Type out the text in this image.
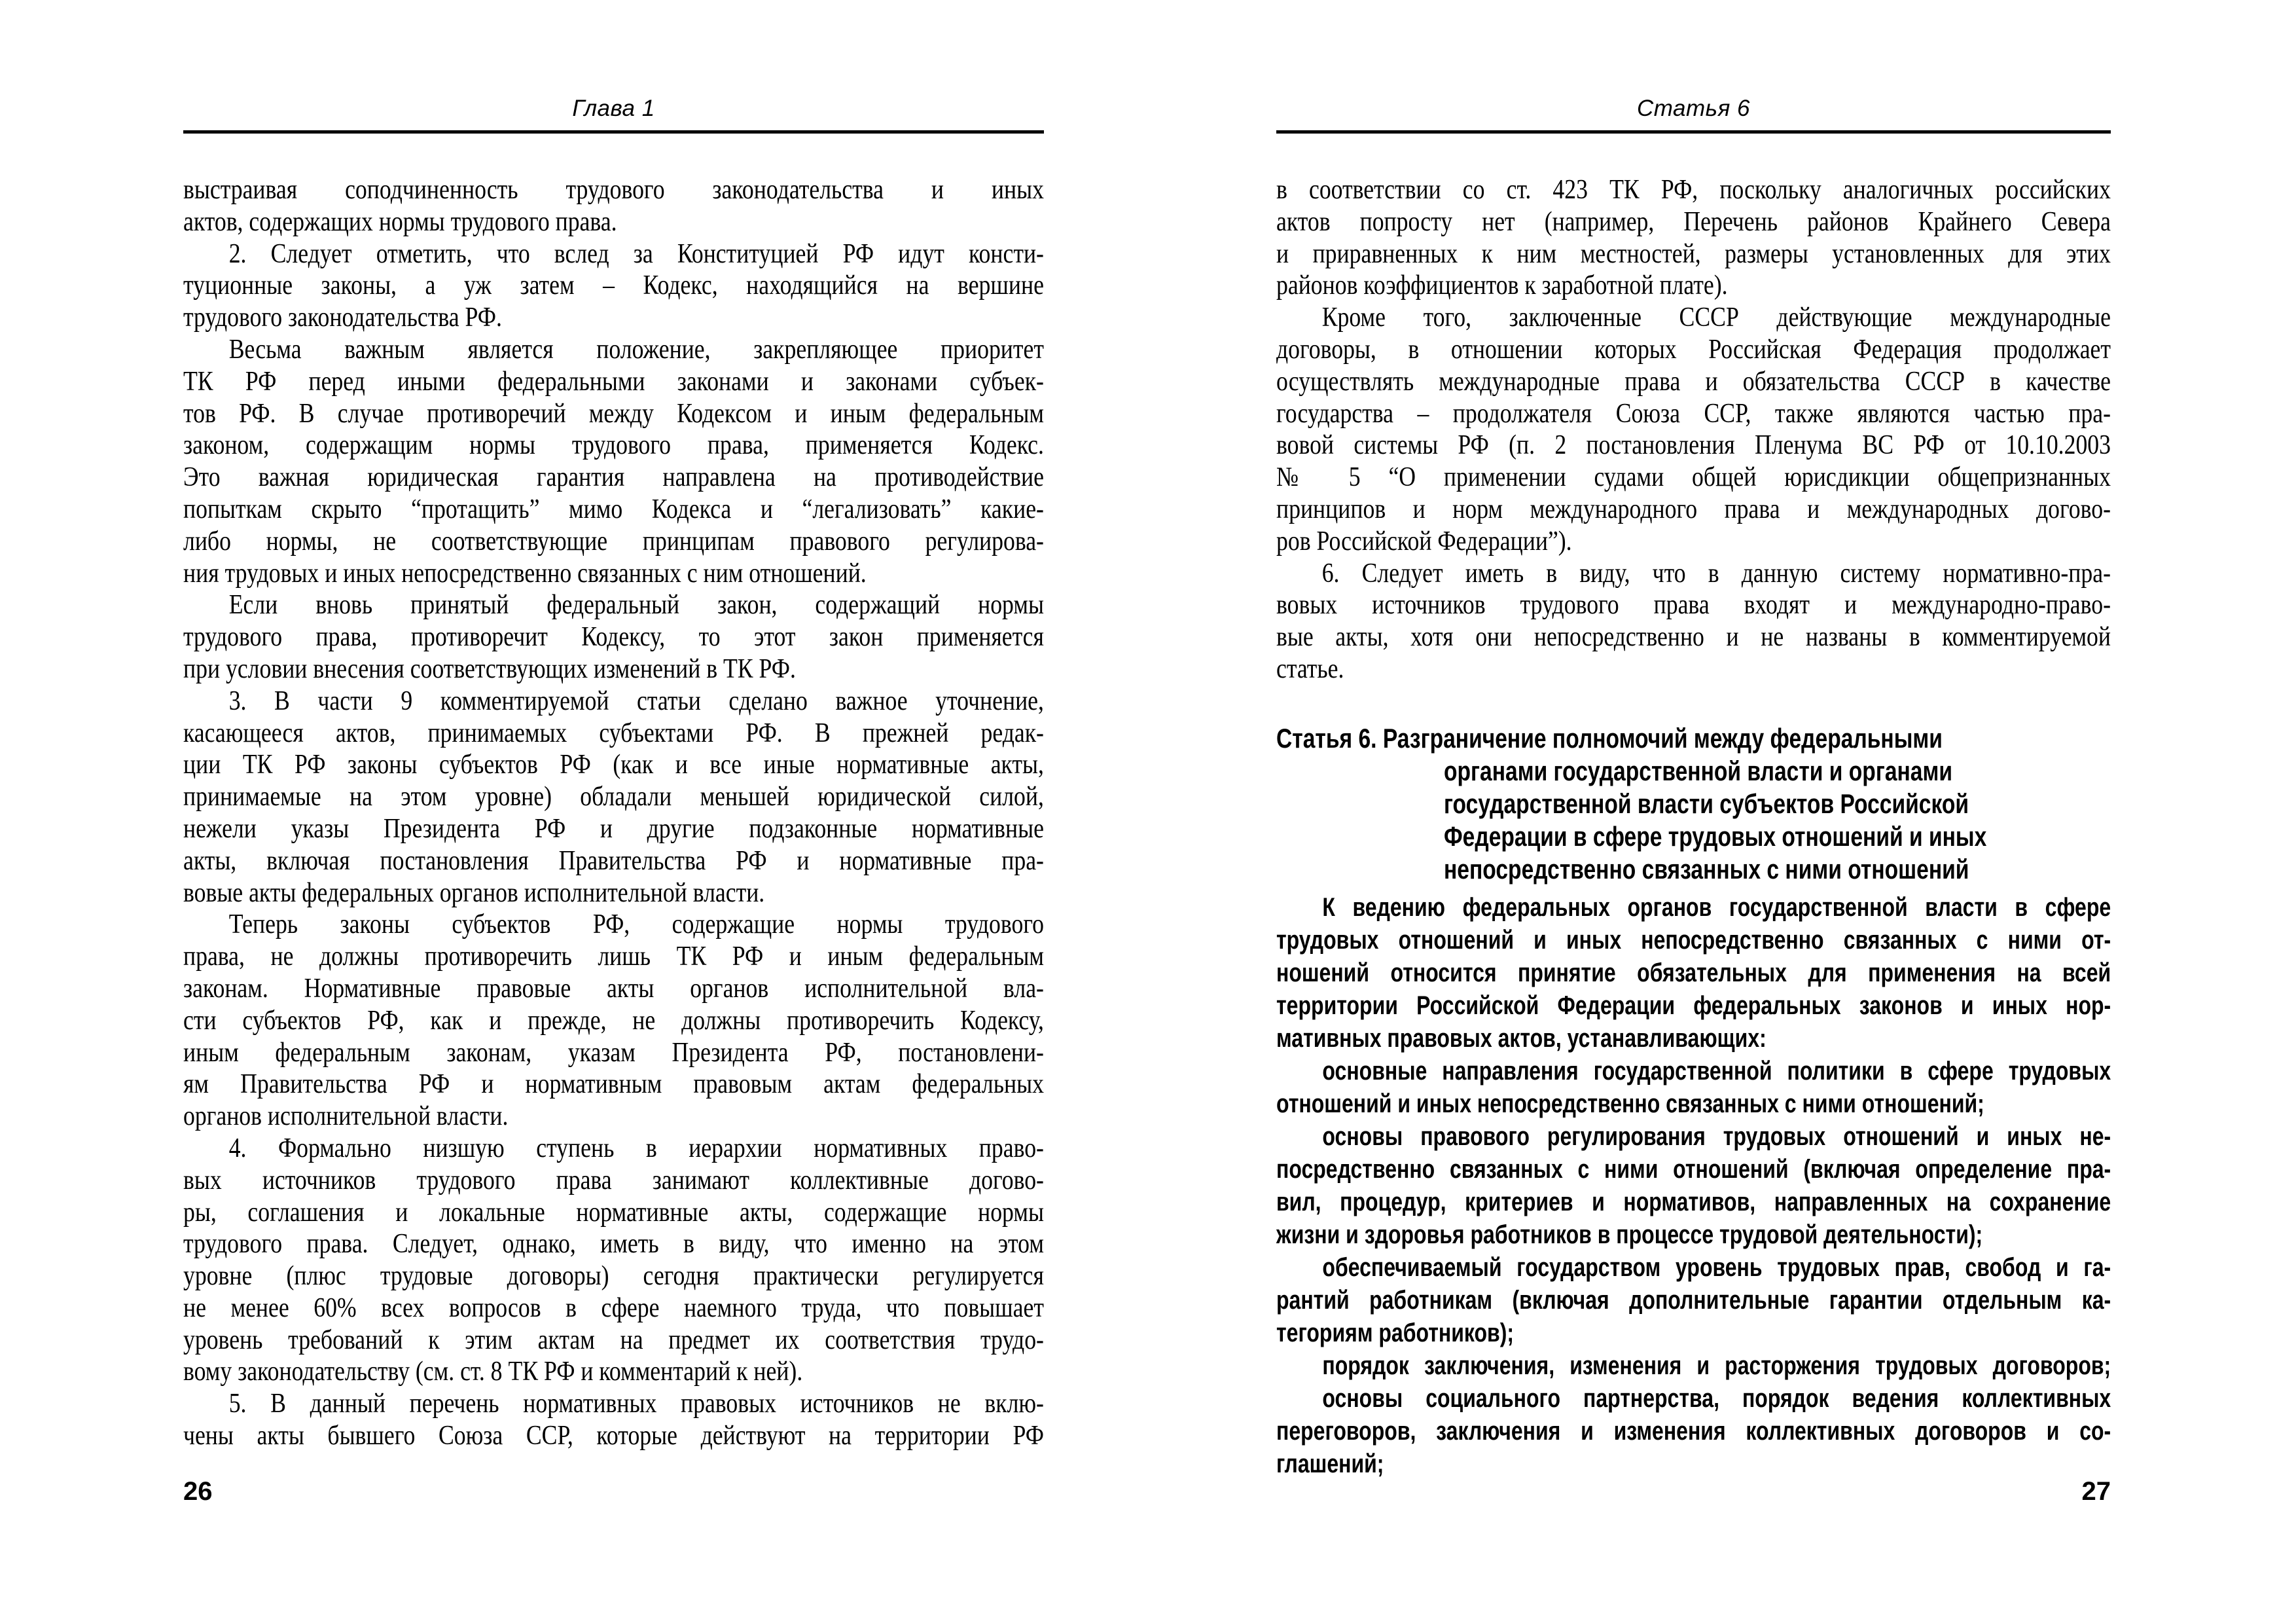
Глава 1
выстраивая соподчиненность трудового законодательства и иных
актов, содержащих нормы трудового права.
2. Следует отметить, что вслед за Конституцией РФ идут консти-
туционные законы, а уж затем – Кодекс, находящийся на вершине
трудового законодательства РФ.
Весьма важным является положение, закрепляющее приоритет
ТК РФ перед иными федеральными законами и законами субъек-
тов РФ. В случае противоречий между Кодексом и иным федеральным
законом, содержащим нормы трудового права, применяется Кодекс.
Это важная юридическая гарантия направлена на противодействие
попыткам скрыто “протащить” мимо Кодекса и “легализовать” какие-
либо нормы, не соответствующие принципам правового регулирова-
ния трудовых и иных непосредственно связанных с ним отношений.
Если вновь принятый федеральный закон, содержащий нормы
трудового права, противоречит Кодексу, то этот закон применяется
при условии внесения соответствующих изменений в ТК РФ.
3. В части 9 комментируемой статьи сделано важное уточнение,
касающееся актов, принимаемых субъектами РФ. В прежней редак-
ции ТК РФ законы субъектов РФ (как и все иные нормативные акты,
принимаемые на этом уровне) обладали меньшей юридической силой,
нежели указы Президента РФ и другие подзаконные нормативные
акты, включая постановления Правительства РФ и нормативные пра-
вовые акты федеральных органов исполнительной власти.
Теперь законы субъектов РФ, содержащие нормы трудового
права, не должны противоречить лишь ТК РФ и иным федеральным
законам. Нормативные правовые акты органов исполнительной вла-
сти субъектов РФ, как и прежде, не должны противоречить Кодексу,
иным федеральным законам, указам Президента РФ, постановлени-
ям Правительства РФ и нормативным правовым актам федеральных
органов исполнительной власти.
4. Формально низшую ступень в иерархии нормативных право-
вых источников трудового права занимают коллективные догово-
ры, соглашения и локальные нормативные акты, содержащие нормы
трудового права. Следует, однако, иметь в виду, что именно на этом
уровне (плюс трудовые договоры) сегодня практически регулируется
не менее 60% всех вопросов в сфере наемного труда, что повышает
уровень требований к этим актам на предмет их соответствия трудо-
вому законодательству (см. ст. 8 ТК РФ и комментарий к ней).
5. В данный перечень нормативных правовых источников не вклю-
чены акты бывшего Союза ССР, которые действуют на территории РФ
26
Статья 6
в соответствии со ст. 423 ТК РФ, поскольку аналогичных российских
актов попросту нет (например, Перечень районов Крайнего Севера
и приравненных к ним местностей, размеры установленных для этих
районов коэффициентов к заработной плате).
Кроме того, заключенные СССР действующие международные
договоры, в отношении которых Российская Федерация продолжает
осуществлять международные права и обязательства СССР в качестве
государства – продолжателя Союза ССР, также являются частью пра-
вовой системы РФ (п. 2 постановления Пленума ВС РФ от 10.10.2003
№ 5 “О применении судами общей юрисдикции общепризнанных
принципов и норм международного права и международных догово-
ров Российской Федерации”).
6. Следует иметь в виду, что в данную систему нормативно-пра-
вовых источников трудового права входят и международно-право-
вые акты, хотя они непосредственно и не названы в комментируемой
статье.
Статья 6. Разграничение полномочий между федеральными
органами государственной власти и органами
государственной власти субъектов Российской
Федерации в сфере трудовых отношений и иных
непосредственно связанных с ними отношений
К ведению федеральных органов государственной власти в сфере
трудовых отношений и иных непосредственно связанных с ними от-
ношений относится принятие обязательных для применения на всей
территории Российской Федерации федеральных законов и иных нор-
мативных правовых актов, устанавливающих:
основные направления государственной политики в сфере трудовых
отношений и иных непосредственно связанных с ними отношений;
основы правового регулирования трудовых отношений и иных не-
посредственно связанных с ними отношений (включая определение пра-
вил, процедур, критериев и нормативов, направленных на сохранение
жизни и здоровья работников в процессе трудовой деятельности);
обеспечиваемый государством уровень трудовых прав, свобод и га-
рантий работникам (включая дополнительные гарантии отдельным ка-
тегориям работников);
порядок заключения, изменения и расторжения трудовых договоров;
основы социального партнерства, порядок ведения коллективных
переговоров, заключения и изменения коллективных договоров и со-
глашений;
27
